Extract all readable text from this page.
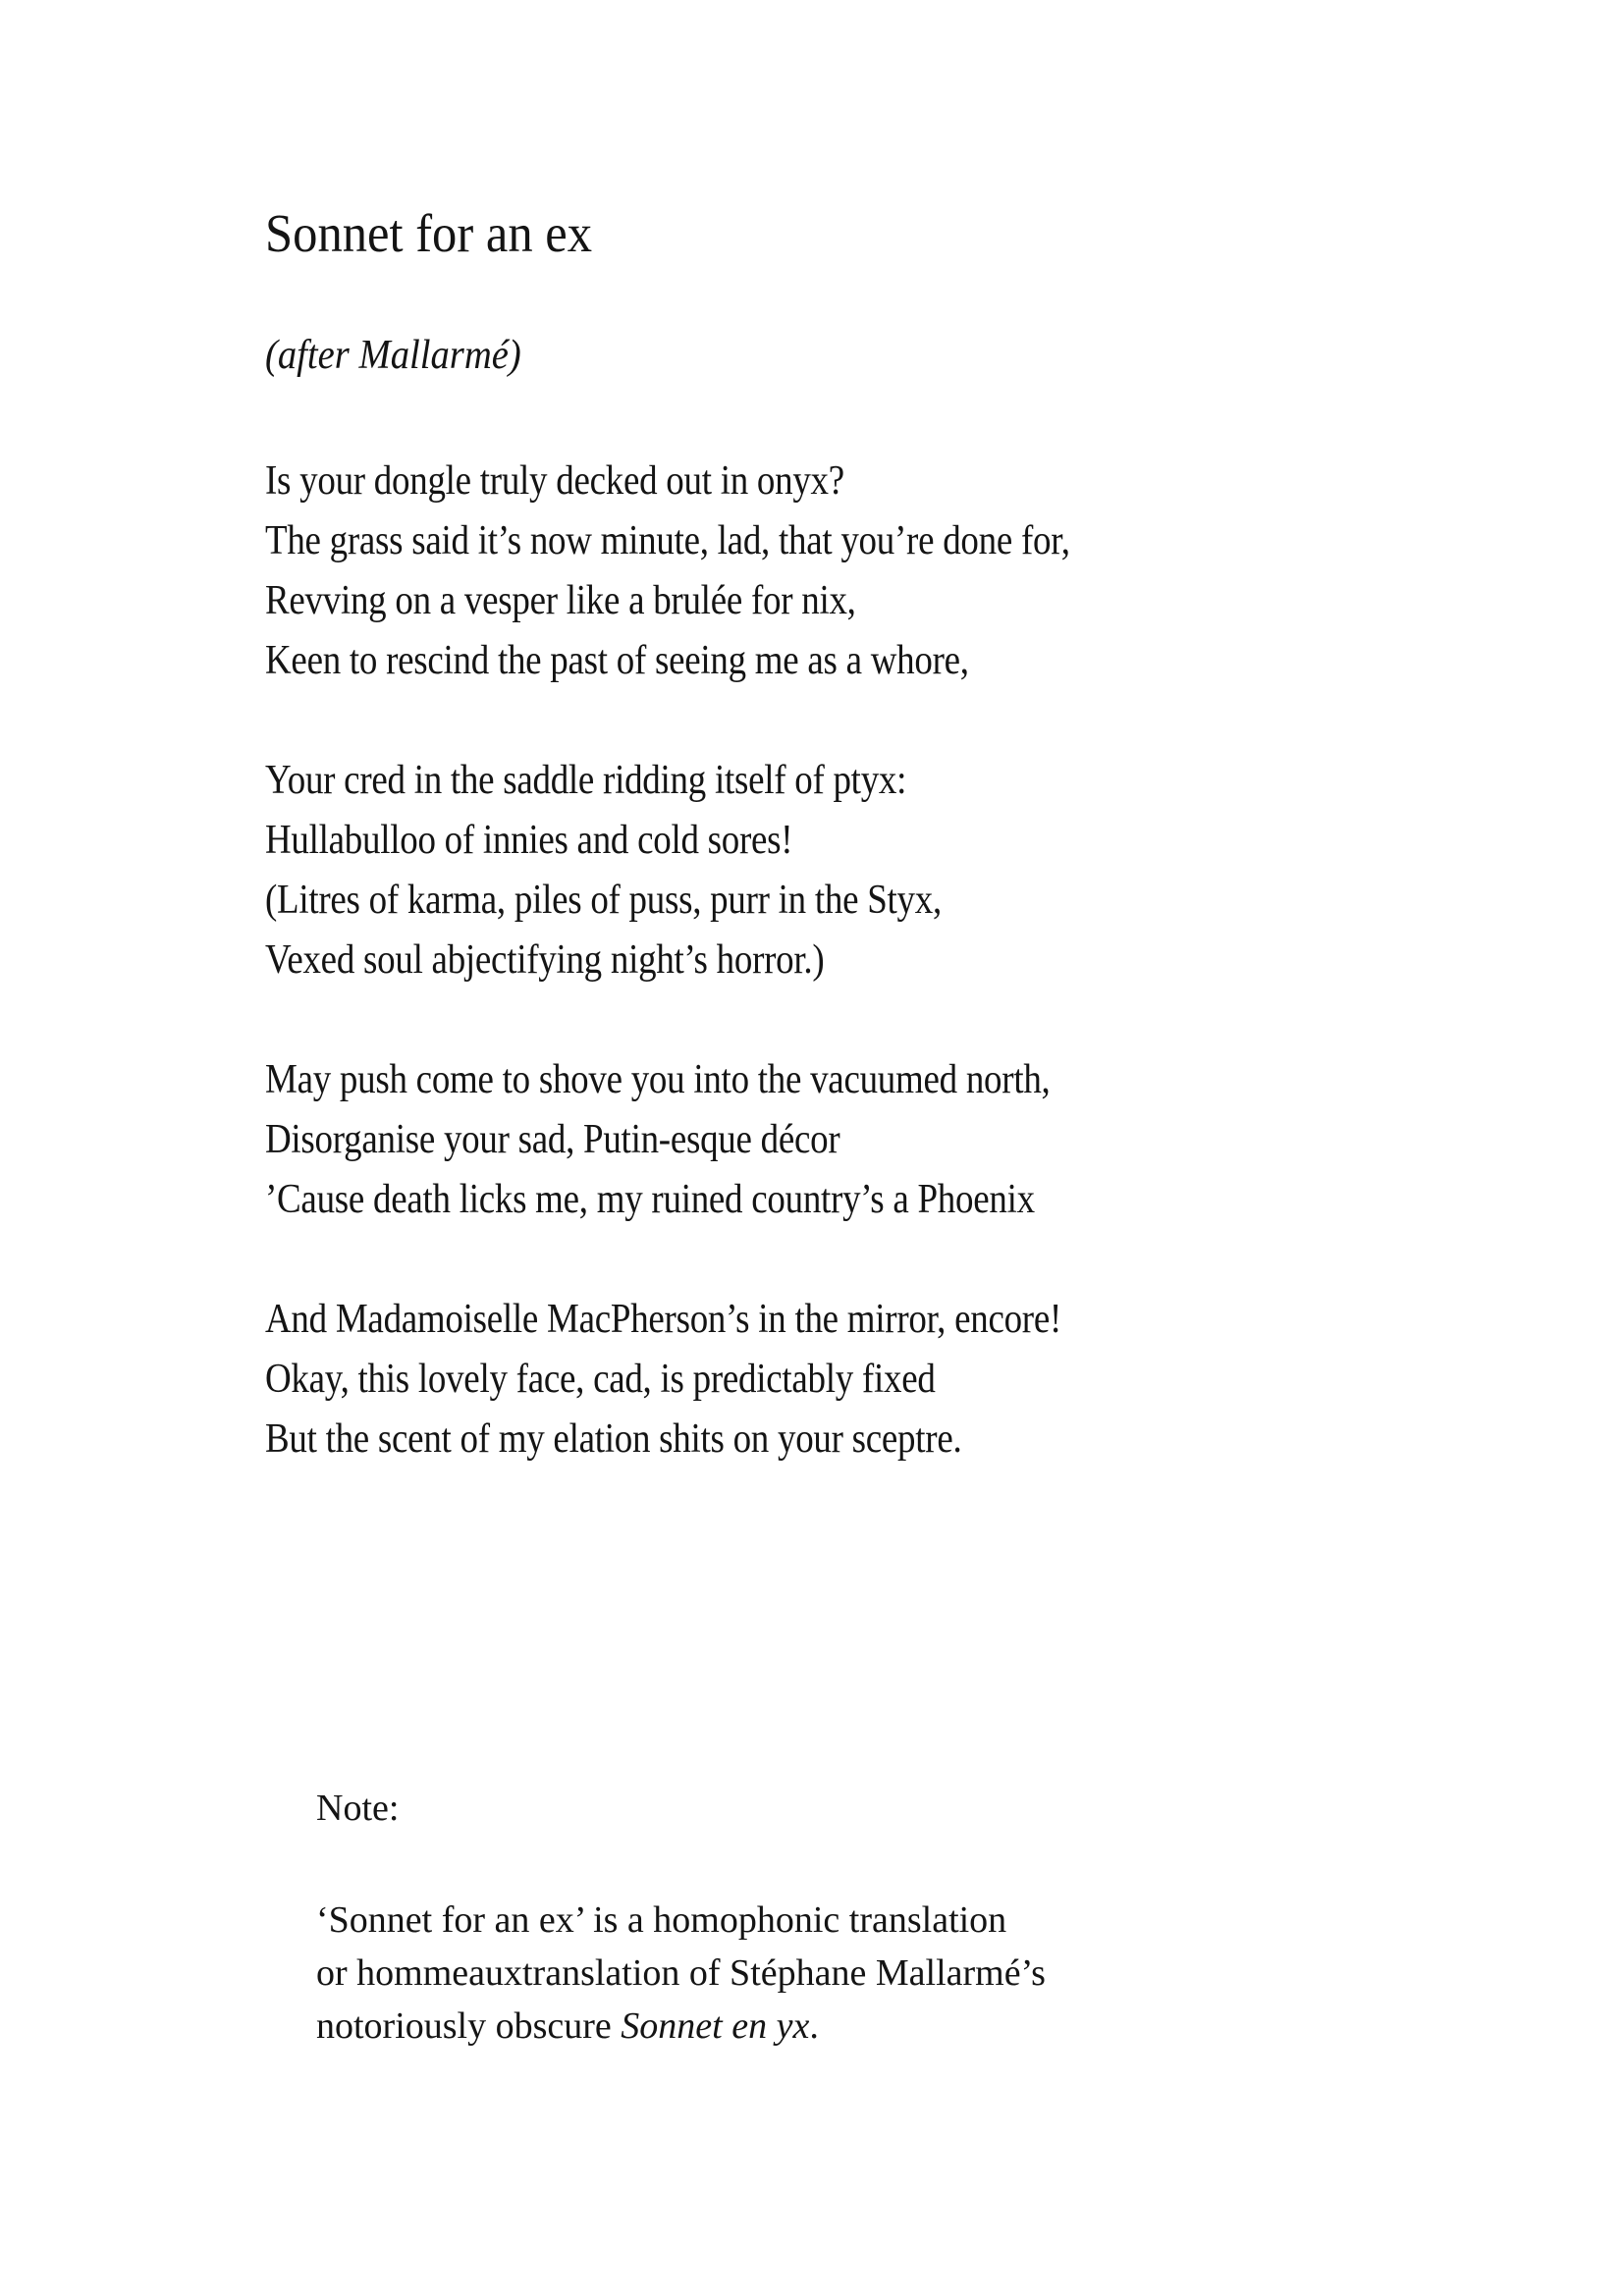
Sonnet for an ex
(after Mallarmé)
Is your dongle truly decked out in onyx?
The grass said it’s now minute, lad, that you’re done for,
Revving on a vesper like a brulée for nix,
Keen to rescind the past of seeing me as a whore,
Your cred in the saddle ridding itself of ptyx:
Hullabulloo of innies and cold sores!
(Litres of karma, piles of puss, purr in the Styx,
Vexed soul abjectifying night’s horror.)
May push come to shove you into the vacuumed north,
Disorganise your sad, Putin-esque décor
’Cause death licks me, my ruined country’s a Phoenix
And Madamoiselle MacPherson’s in the mirror, encore!
Okay, this lovely face, cad, is predictably fixed
But the scent of my elation shits on your sceptre.
Note:
‘Sonnet for an ex’ is a homophonic translation
or hommeauxtranslation of Stéphane Mallarmé’s
notoriously obscure Sonnet en yx.
